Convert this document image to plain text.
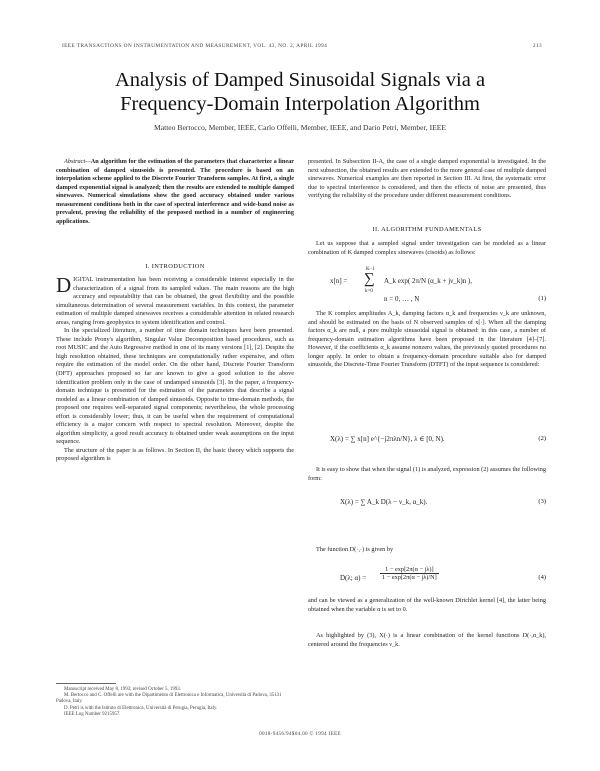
IEEE TRANSACTIONS ON INSTRUMENTATION AND MEASUREMENT, VOL. 43, NO. 2, APRIL 1994	213
Analysis of Damped Sinusoidal Signals via a
Frequency-Domain Interpolation Algorithm
Matteo Bertocco, Member, IEEE, Carlo Offelli, Member, IEEE, and Dario Petri, Member, IEEE

Abstract—An algorithm for the estimation of the parameters that characterize a linear combination of damped sinusoids is presented. The procedure is based on an interpolation scheme applied to the Discrete Fourier Transform samples. At first, a single damped exponential signal is analyzed; then the results are extended to multiple damped sinewaves. Numerical simulations show the good accuracy obtained under various measurement conditions both in the case of spectral interference and wide-band noise as prevalent, proving the reliability of the proposed method in a number of engineering applications.

presented. In Subsection II-A, the case of a single damped exponential is investigated. In the next subsection, the obtained results are extended to the more general case of multiple damped sinewaves. Numerical examples are then reported in Section III. At first, the systematic error due to spectral interference is considered, and then the effects of noise are presented, thus verifying the reliability of the procedure under different measurement conditions.

I. INTRODUCTION

DIGITAL instrumentation has been receiving a considerable interest especially in the characterization of a signal from its sampled values. The main reasons are the high accuracy and repeatability that can be obtained, the great flexibility and the possible simultaneous determination of several measurement variables. In this context, the parameter estimation of multiple damped sinewaves receives a considerable attention in related research areas, ranging from geophysics to system identification and control.

In the specialized literature, a number of time domain techniques have been presented. These include Prony's algorithm, Singular Value Decomposition based procedures, such as root MUSIC and the Auto Regressive method in one of its many versions [1], [2]. Despite the high resolution obtained, these techniques are computationally rather expensive, and often require the estimation of the model order. On the other hand, Discrete Fourier Transform (DFT) approaches proposed so far are known to give a good solution to the above identification problem only in the case of undamped sinusoids [3]. In the paper, a frequency-domain technique is presented for the estimation of the parameters that describe a signal modeled as a linear combination of damped sinusoids. Opposite to time-domain methods, the proposed one requires well-separated signal components; nevertheless, the whole processing effort is considerably lower; thus, it can be useful when the requirement of computational efficiency is a major concern with respect to spectral resolution. Moreover, despite the algorithm simplicity, a good result accuracy is obtained under weak assumptions on the input sequence.

The structure of the paper is as follows. In Section II, the basic theory which supports the proposed algorithm is

Manuscript received May 8, 1993; revised October 5, 1993.

M. Bertocco and C. Offelli are with the Dipartimento di Elettronica e Informatica, Università di Padova, 35131 Padova, Italy.

D. Petri is with the Istituto di Elettronica, Università di Perugia, Perugia, Italy.

IEEE Log Number 9215957.

II. ALGORITHM FUNDAMENTALS

Let us suppose that a sampled signal under investigation can be modeled as a linear combination of K damped complex sinewaves (cisoids) as follows:

x[n] =
K−1
∑
k=0
A_k exp( 2π/N (α_k + jν_k)n ),
n = 0, … , N	(1)

The K complex amplitudes A_k, damping factors α_k and frequencies ν_k are unknown, and should be estimated on the basis of N observed samples of x[·]. When all the damping factors α_k are null, a pure multiple sinusoidal signal is obtained: in this case, a number of frequency-domain estimation algorithms have been proposed in the literature [4]–[7]. However, if the coefficients α_k assume nonzero values, the previously quoted procedures no longer apply. In order to obtain a frequency-domain procedure suitable also for damped sinusoids, the Discrete-Time Fourier Transform (DTFT) of the input sequence is considered:

X(λ) = ∑ x[n] e^{−j2πλn/N}, λ ∈ [0, N).	(2)

It is easy to show that when the signal (1) is analyzed, expression (2) assumes the following form:

X(λ) = ∑ A_k D(λ − ν_k, α_k).	(3)

The function D(·,·) is given by

D(λ; $\alpha) = \frac{1 - \exp[2\pi(\alpha - j\lambda)]}{1 - \exp[2\pi(\alpha - j\lambda)/N]}$	(4)

and can be viewed as a generalization of the well-known Dirichlet kernel [4], the latter being obtained when the variable α is set to 0.

As highlighted by (3), X(·) is a linear combination of the kernel functions D(·,α_k), centered around the frequencies ν_k.

0018-9456/94$04.00 © 1994 IEEE
